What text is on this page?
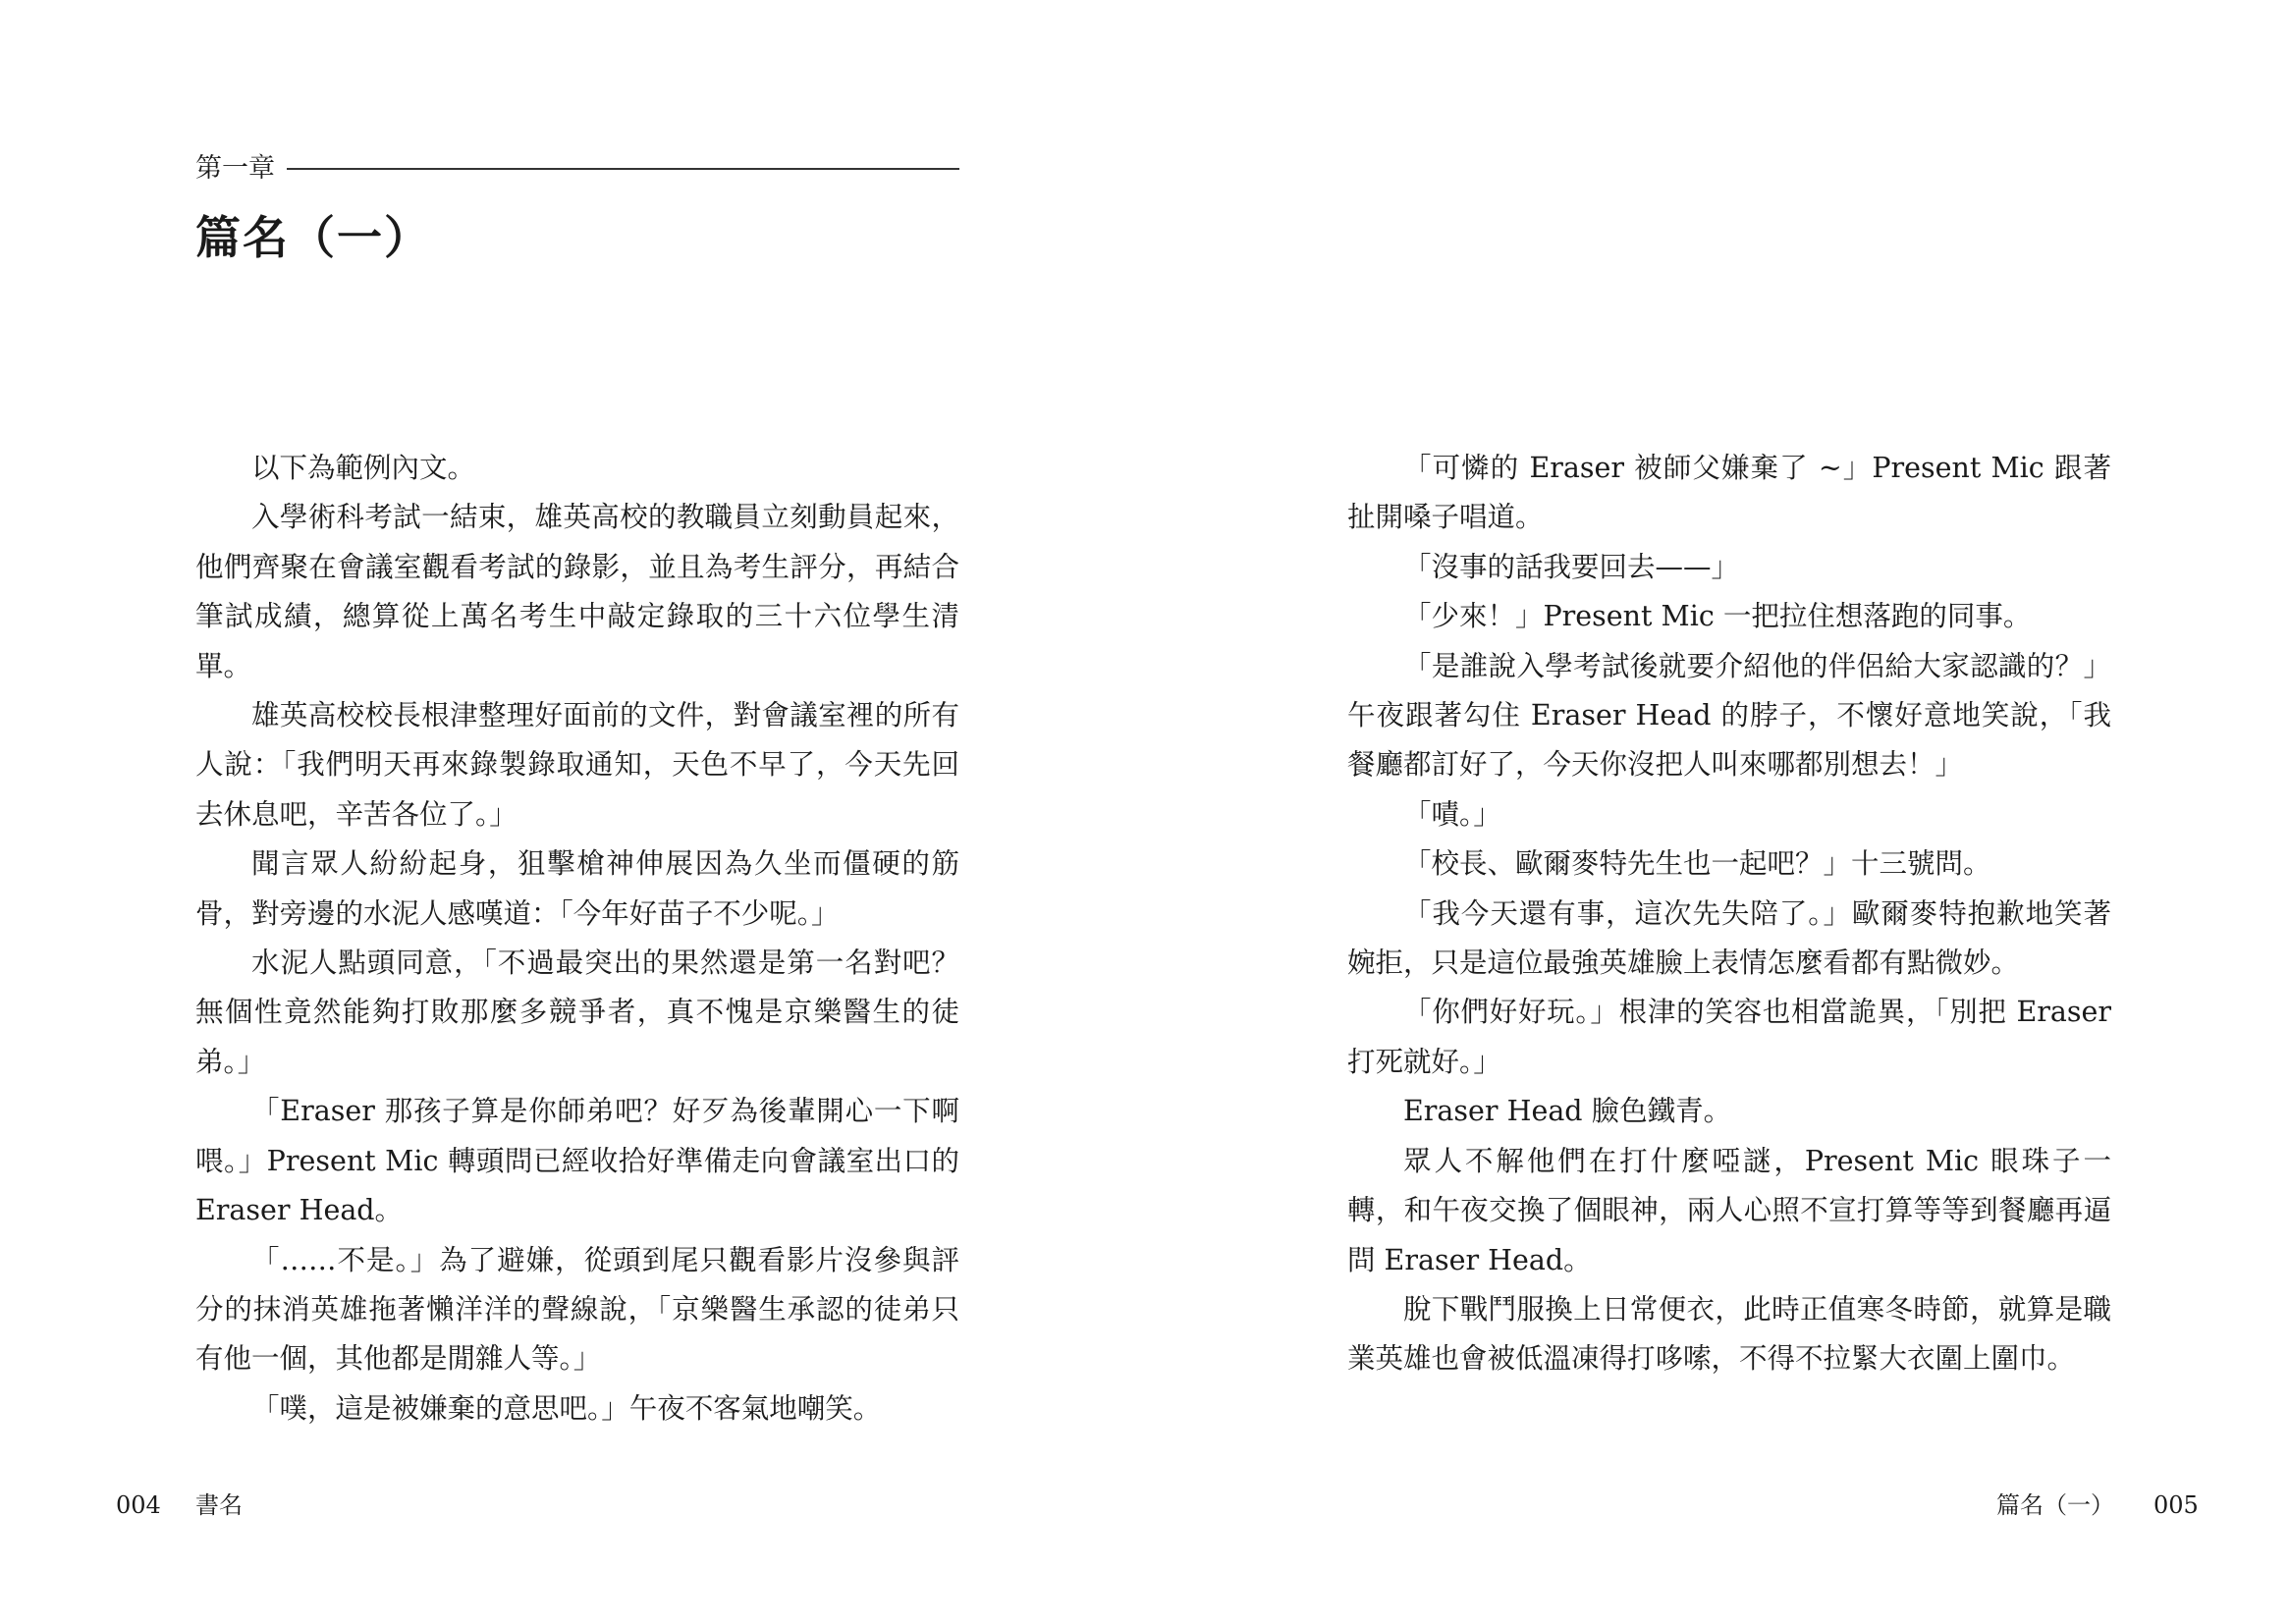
第一章
篇名（一）

以下為範例內文。

入學術科考試一結束，雄英高校的教職員立刻動員起來，他們齊聚在會議室觀看考試的錄影，並且為考生評分，再結合筆試成績，總算從上萬名考生中敲定錄取的三十六位學生清單。

雄英高校校長根津整理好面前的文件，對會議室裡的所有人說：「我們明天再來錄製錄取通知，天色不早了，今天先回去休息吧，辛苦各位了。」

聞言眾人紛紛起身，狙擊槍神伸展因為久坐而僵硬的筋骨，對旁邊的水泥人感嘆道：「今年好苗子不少呢。」

水泥人點頭同意，「不過最突出的果然還是第一名對吧？無個性竟然能夠打敗那麼多競爭者，真不愧是京樂醫生的徒弟。」

「Eraser 那孩子算是你師弟吧？好歹為後輩開心一下啊喂。」Present Mic 轉頭問已經收拾好準備走向會議室出口的 Eraser Head。

「……不是。」為了避嫌，從頭到尾只觀看影片沒參與評分的抹消英雄拖著懶洋洋的聲線說，「京樂醫生承認的徒弟只有他一個，其他都是閒雜人等。」

「噗，這是被嫌棄的意思吧。」午夜不客氣地嘲笑。

004 書名

「可憐的 Eraser 被師父嫌棄了 ~」Present Mic 跟著扯開嗓子唱道。

「沒事的話我要回去——」

「少來！」Present Mic 一把拉住想落跑的同事。

「是誰說入學考試後就要介紹他的伴侶給大家認識的？」午夜跟著勾住 Eraser Head 的脖子，不懷好意地笑說，「我餐廳都訂好了，今天你沒把人叫來哪都別想去！」

「嘖。」

「校長、歐爾麥特先生也一起吧？」十三號問。

「我今天還有事，這次先失陪了。」歐爾麥特抱歉地笑著婉拒，只是這位最強英雄臉上表情怎麼看都有點微妙。

「你們好好玩。」根津的笑容也相當詭異，「別把 Eraser 打死就好。」

Eraser Head 臉色鐵青。

眾人不解他們在打什麼啞謎，Present Mic 眼珠子一轉，和午夜交換了個眼神，兩人心照不宣打算等等到餐廳再逼問 Eraser Head。

脫下戰鬥服換上日常便衣，此時正值寒冬時節，就算是職業英雄也會被低溫凍得打哆嗦，不得不拉緊大衣圍上圍巾。

篇名（一） 005
